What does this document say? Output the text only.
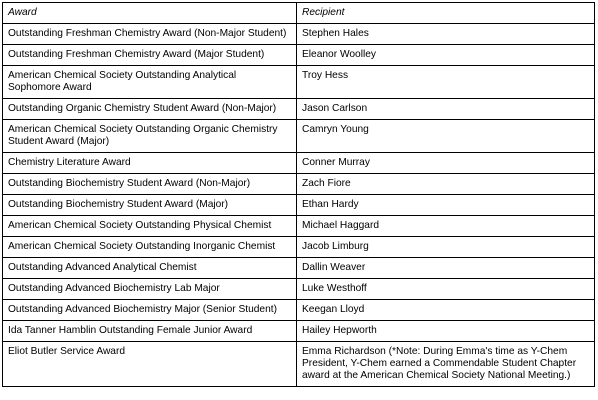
Award	Recipient
Outstanding Freshman Chemistry Award (Non-Major Student)	Stephen Hales
Outstanding Freshman Chemistry Award (Major Student)	Eleanor Woolley
American Chemical Society Outstanding Analytical Sophomore Award	Troy Hess
Outstanding Organic Chemistry Student Award (Non-Major)	Jason Carlson
American Chemical Society Outstanding Organic Chemistry Student Award (Major)	Camryn Young
Chemistry Literature Award	Conner Murray
Outstanding Biochemistry Student Award (Non-Major)	Zach Fiore
Outstanding Biochemistry Student Award (Major)	Ethan Hardy
American Chemical Society Outstanding Physical Chemist	Michael Haggard
American Chemical Society Outstanding Inorganic Chemist	Jacob Limburg
Outstanding Advanced Analytical Chemist	Dallin Weaver
Outstanding Advanced Biochemistry Lab Major	Luke Westhoff
Outstanding Advanced Biochemistry Major (Senior Student)	Keegan Lloyd
Ida Tanner Hamblin Outstanding Female Junior Award	Hailey Hepworth
Eliot Butler Service Award	Emma Richardson (*Note: During Emma's time as Y-Chem President, Y-Chem earned a Commendable Student Chapter award at the American Chemical Society National Meeting.)
